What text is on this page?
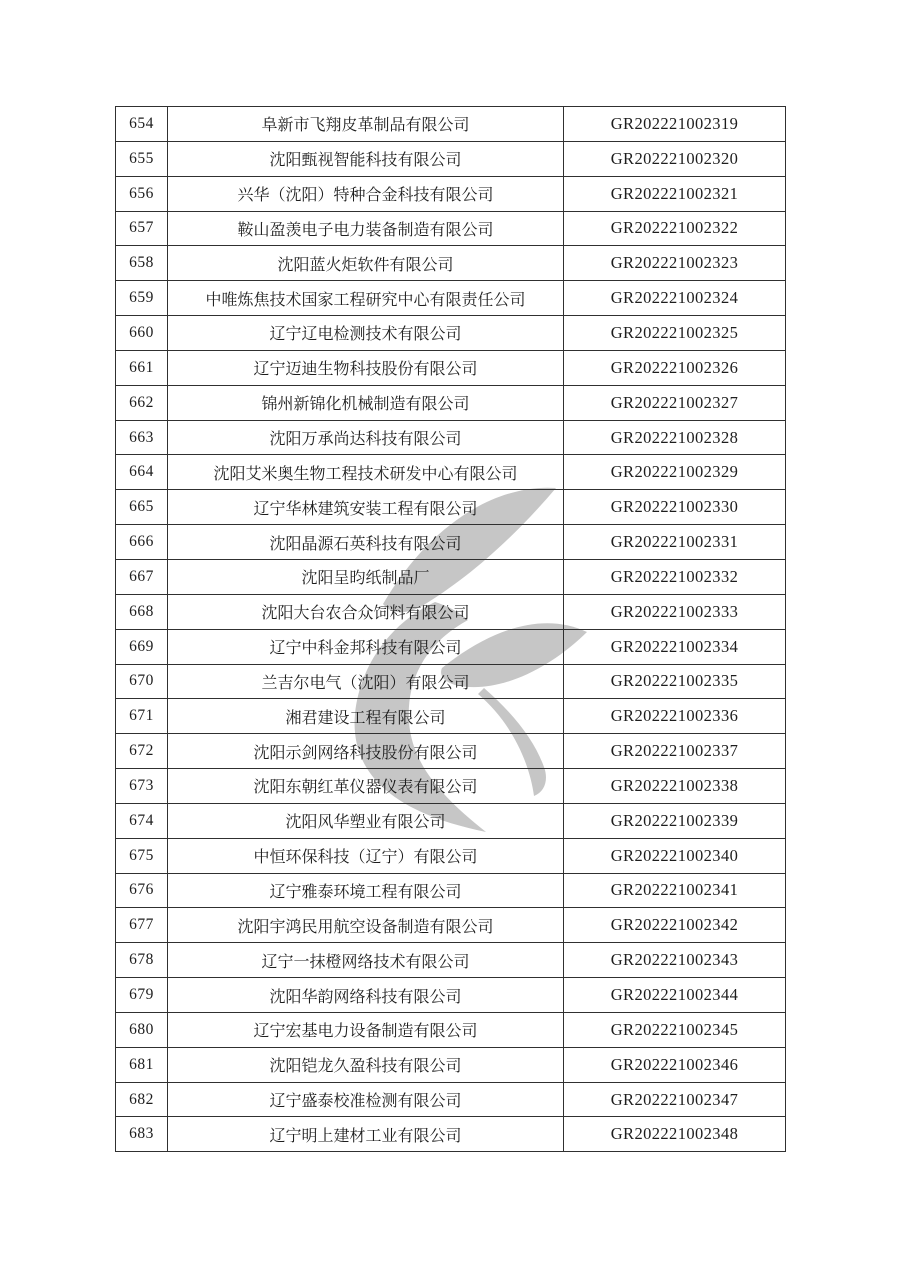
654	阜新市飞翔皮革制品有限公司	GR202221002319
655	沈阳甄视智能科技有限公司	GR202221002320
656	兴华（沈阳）特种合金科技有限公司	GR202221002321
657	鞍山盈羡电子电力装备制造有限公司	GR202221002322
658	沈阳蓝火炬软件有限公司	GR202221002323
659	中唯炼焦技术国家工程研究中心有限责任公司	GR202221002324
660	辽宁辽电检测技术有限公司	GR202221002325
661	辽宁迈迪生物科技股份有限公司	GR202221002326
662	锦州新锦化机械制造有限公司	GR202221002327
663	沈阳万承尚达科技有限公司	GR202221002328
664	沈阳艾米奥生物工程技术研发中心有限公司	GR202221002329
665	辽宁华林建筑安装工程有限公司	GR202221002330
666	沈阳晶源石英科技有限公司	GR202221002331
667	沈阳呈昀纸制品厂	GR202221002332
668	沈阳大台农合众饲料有限公司	GR202221002333
669	辽宁中科金邦科技有限公司	GR202221002334
670	兰吉尔电气（沈阳）有限公司	GR202221002335
671	湘君建设工程有限公司	GR202221002336
672	沈阳示剑网络科技股份有限公司	GR202221002337
673	沈阳东朝红革仪器仪表有限公司	GR202221002338
674	沈阳风华塑业有限公司	GR202221002339
675	中恒环保科技（辽宁）有限公司	GR202221002340
676	辽宁雅泰环境工程有限公司	GR202221002341
677	沈阳宇鸿民用航空设备制造有限公司	GR202221002342
678	辽宁一抹橙网络技术有限公司	GR202221002343
679	沈阳华韵网络科技有限公司	GR202221002344
680	辽宁宏基电力设备制造有限公司	GR202221002345
681	沈阳铠龙久盈科技有限公司	GR202221002346
682	辽宁盛泰校准检测有限公司	GR202221002347
683	辽宁明上建材工业有限公司	GR202221002348
